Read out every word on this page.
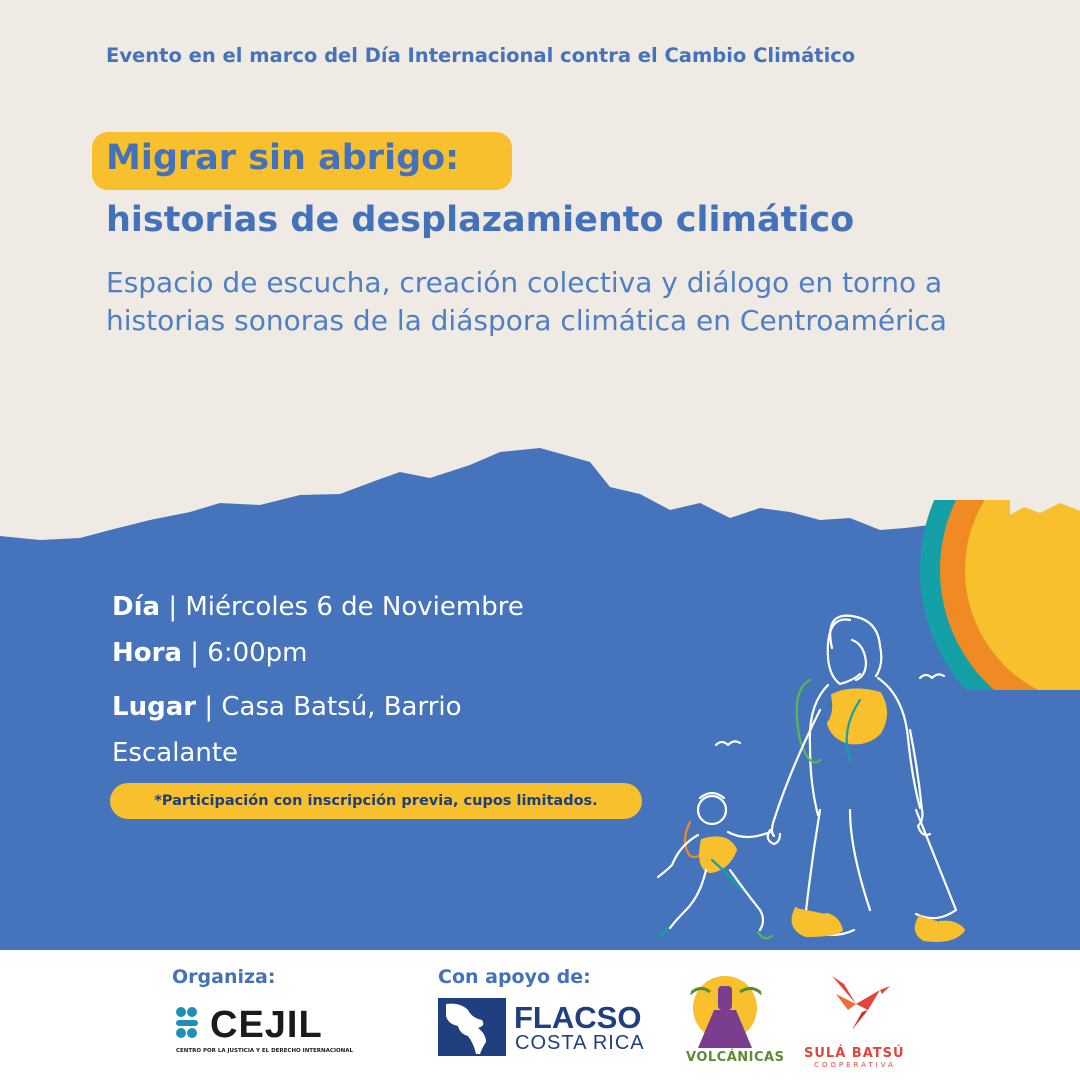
Evento en el marco del Día Internacional contra el Cambio Climático

Migrar sin abrigo:
historias de desplazamiento climático

Espacio de escucha, creación colectiva y diálogo en torno a historias sonoras de la diáspora climática en Centroamérica

Día | Miércoles 6 de Noviembre

Hora | 6:00pm

Lugar | Casa Batsú, Barrio Escalante

*Participación con inscripción previa, cupos limitados.

Organiza:	Con apoyo de:
CEJIL
CENTRO POR LA JUSTICIA Y EL DERECHO INTERNACIONAL
FLACSO
COSTA RICA
VOLCÁNICAS SULÁ BATSÚ
COOPERATIVA
